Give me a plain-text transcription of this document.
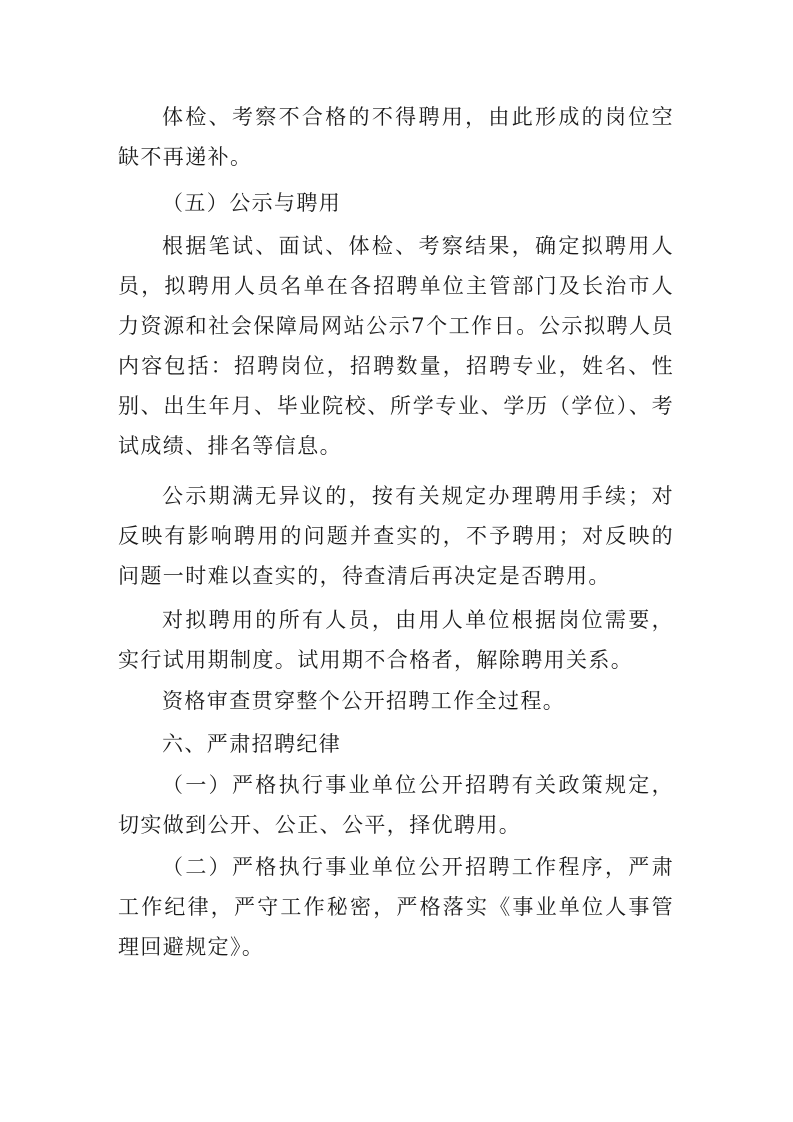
体检、考察不合格的不得聘用，由此形成的岗位空缺不再递补。

（五）公示与聘用

根据笔试、面试、体检、考察结果，确定拟聘用人员，拟聘用人员名单在各招聘单位主管部门及长治市人力资源和社会保障局网站公示7个工作日。公示拟聘人员内容包括：招聘岗位，招聘数量，招聘专业，姓名、性别、出生年月、毕业院校、所学专业、学历（学位）、考试成绩、排名等信息。

公示期满无异议的，按有关规定办理聘用手续；对反映有影响聘用的问题并查实的，不予聘用；对反映的问题一时难以查实的，待查清后再决定是否聘用。

对拟聘用的所有人员，由用人单位根据岗位需要，实行试用期制度。试用期不合格者，解除聘用关系。

资格审查贯穿整个公开招聘工作全过程。

六、严肃招聘纪律

（一）严格执行事业单位公开招聘有关政策规定，切实做到公开、公正、公平，择优聘用。

（二）严格执行事业单位公开招聘工作程序，严肃工作纪律，严守工作秘密，严格落实《事业单位人事管理回避规定》。
